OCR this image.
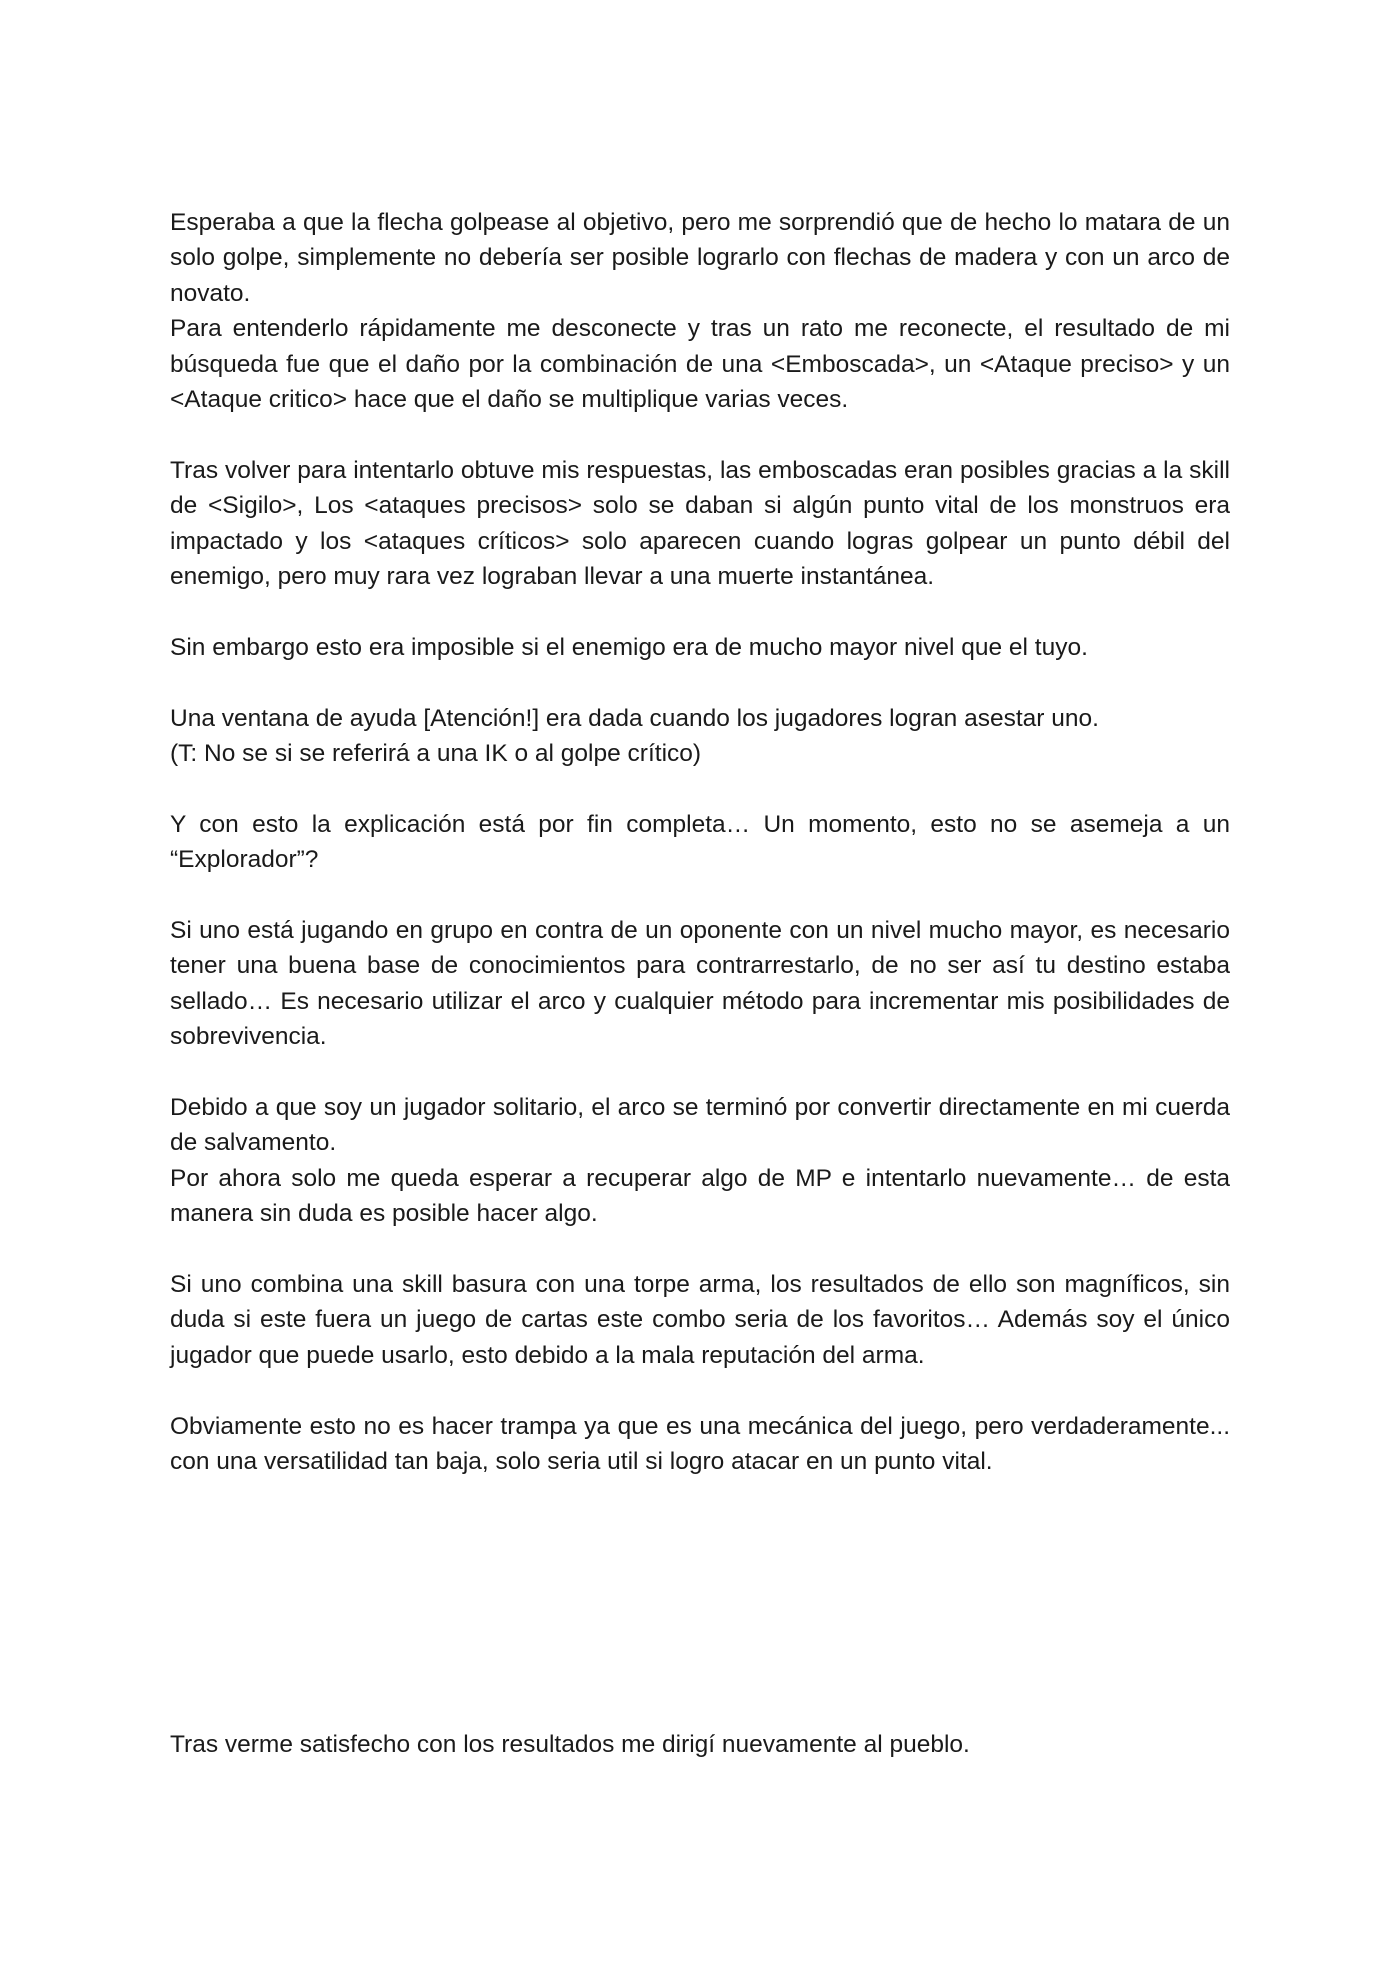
Esperaba a que la flecha golpease al objetivo, pero me sorprendió que de hecho lo matara de un solo golpe, simplemente no debería ser posible lograrlo con flechas de madera y con un arco de novato.
Para entenderlo rápidamente me desconecte y tras un rato me reconecte, el resultado de mi búsqueda fue que el daño por la combinación de una <Emboscada>, un <Ataque preciso> y un <Ataque critico> hace que el daño se multiplique varias veces.

Tras volver para intentarlo obtuve mis respuestas, las emboscadas eran posibles gracias a la skill de <Sigilo>, Los <ataques precisos> solo se daban si algún punto vital de los monstruos era impactado y los <ataques críticos> solo aparecen cuando logras golpear un punto débil del enemigo, pero muy rara vez lograban llevar a una muerte instantánea.

Sin embargo esto era imposible si el enemigo era de mucho mayor nivel que el tuyo.

Una ventana de ayuda [Atención!] era dada cuando los jugadores logran asestar uno.
(T: No se si se referirá a una IK o al golpe crítico)

Y con esto la explicación está por fin completa… Un momento, esto no se asemeja a un “Explorador”?

Si uno está jugando en grupo en contra de un oponente con un nivel mucho mayor, es necesario tener una buena base de conocimientos para contrarrestarlo, de no ser así tu destino estaba sellado… Es necesario utilizar el arco y cualquier método para incrementar mis posibilidades de sobrevivencia.

Debido a que soy un jugador solitario, el arco se terminó por convertir directamente en mi cuerda de salvamento.
Por ahora solo me queda esperar a recuperar algo de MP e intentarlo nuevamente… de esta manera sin duda es posible hacer algo.

Si uno combina una skill basura con una torpe arma, los resultados de ello son magníficos, sin duda si este fuera un juego de cartas este combo seria de los favoritos… Además soy el único jugador que puede usarlo, esto debido a la mala reputación del arma.

Obviamente esto no es hacer trampa ya que es una mecánica del juego, pero verdaderamente... con una versatilidad tan baja, solo seria util si logro atacar en un punto vital.

Tras verme satisfecho con los resultados me dirigí nuevamente al pueblo.
